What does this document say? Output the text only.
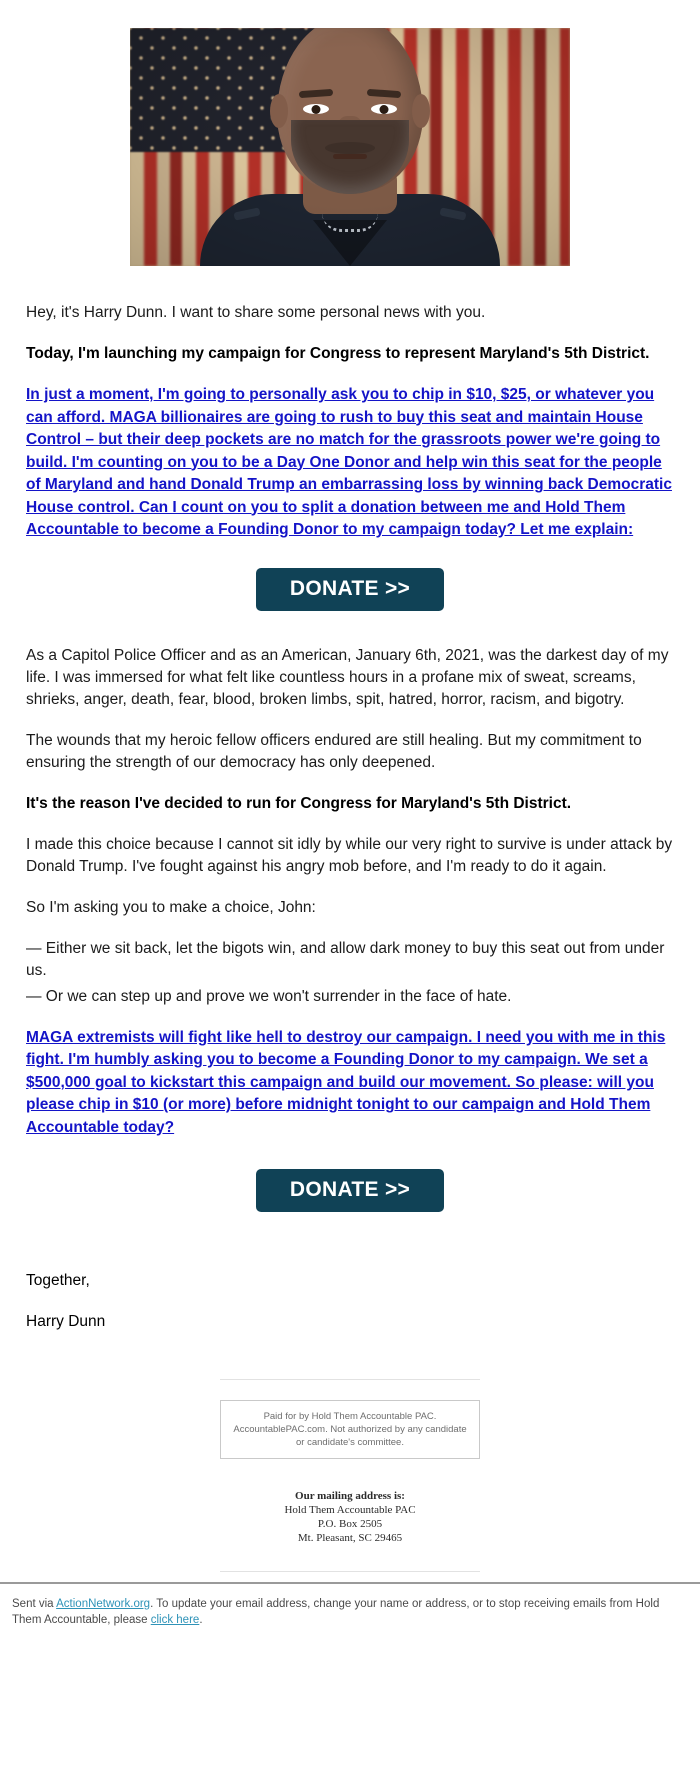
Hey, it's Harry Dunn. I want to share some personal news with you.

Today, I'm launching my campaign for Congress to represent Maryland's 5th District.

In just a moment, I'm going to personally ask you to chip in $10, $25, or whatever you can afford. MAGA billionaires are going to rush to buy this seat and maintain House Control – but their deep pockets are no match for the grassroots power we're going to build. I'm counting on you to be a Day One Donor and help win this seat for the people of Maryland and hand Donald Trump an embarrassing loss by winning back Democratic House control. Can I count on you to split a donation between me and Hold Them Accountable to become a Founding Donor to my campaign today? Let me explain:

DONATE >>

As a Capitol Police Officer and as an American, January 6th, 2021, was the darkest day of my life. I was immersed for what felt like countless hours in a profane mix of sweat, screams, shrieks, anger, death, fear, blood, broken limbs, spit, hatred, horror, racism, and bigotry.

The wounds that my heroic fellow officers endured are still healing. But my commitment to ensuring the strength of our democracy has only deepened.

It's the reason I've decided to run for Congress for Maryland's 5th District.

I made this choice because I cannot sit idly by while our very right to survive is under attack by Donald Trump. I've fought against his angry mob before, and I'm ready to do it again.

So I'm asking you to make a choice, John:

— Either we sit back, let the bigots win, and allow dark money to buy this seat out from under us.

— Or we can step up and prove we won't surrender in the face of hate.

MAGA extremists will fight like hell to destroy our campaign. I need you with me in this fight. I'm humbly asking you to become a Founding Donor to my campaign. We set a $500,000 goal to kickstart this campaign and build our movement. So please: will you please chip in $10 (or more) before midnight tonight to our campaign and Hold Them Accountable today?

DONATE >>

Together,

Harry Dunn

Paid for by Hold Them Accountable PAC. AccountablePAC.com. Not authorized by any candidate or candidate's committee.
Our mailing address is:
Hold Them Accountable PAC
P.O. Box 2505
Mt. Pleasant, SC 29465
Sent via ActionNetwork.org. To update your email address, change your name or address, or to stop receiving emails from Hold Them Accountable, please click here.
